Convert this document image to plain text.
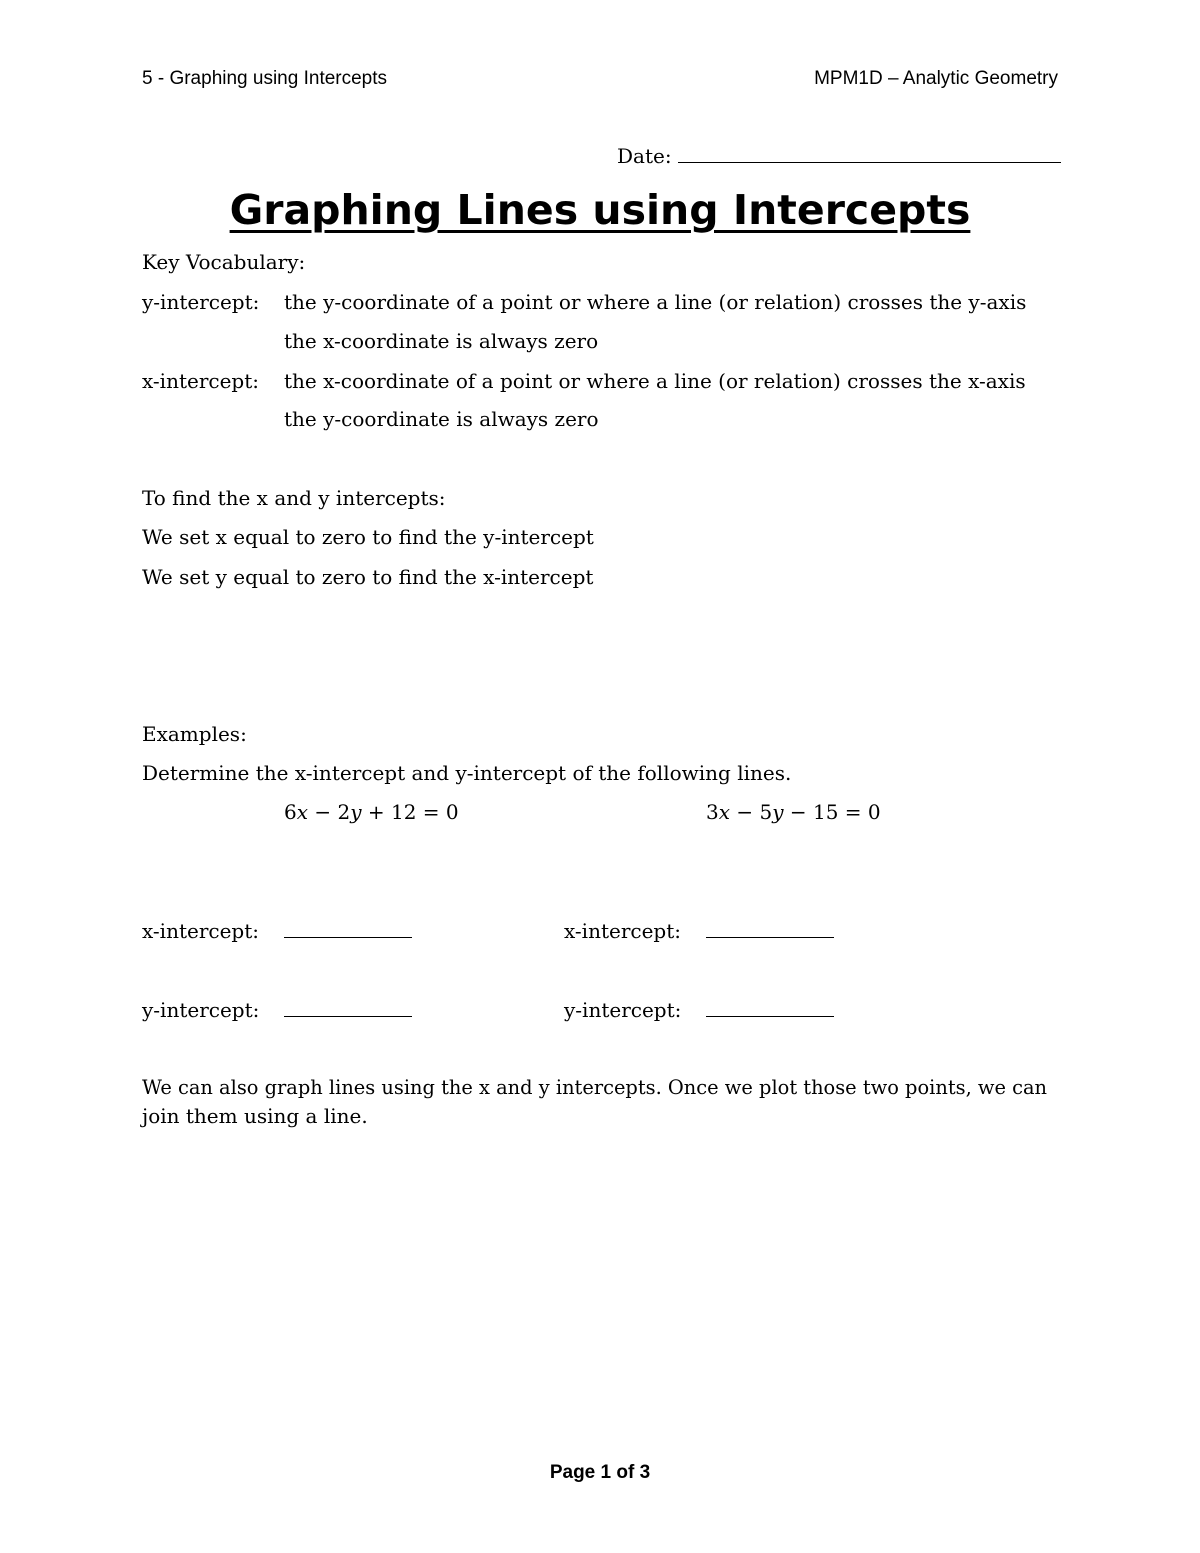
5 - Graphing using Intercepts	MPM1D – Analytic Geometry
Date:
Graphing Lines using Intercepts
Key Vocabulary:
y-intercept: the y-coordinate of a point or where a line (or relation) crosses the y-axis
the x-coordinate is always zero
x-intercept: the x-coordinate of a point or where a line (or relation) crosses the x-axis
the y-coordinate is always zero
To find the x and y intercepts:
We set x equal to zero to find the y-intercept
We set y equal to zero to find the x-intercept
Examples:
Determine the x-intercept and y-intercept of the following lines.
6𝑥 − 2𝑦 + 12 = 0	3𝑥 − 5𝑦 − 15 = 0
x-intercept:	x-intercept:
y-intercept:	y-intercept:
We can also graph lines using the x and y intercepts. Once we plot those two points, we can
join them using a line.
Page 1 of 3
